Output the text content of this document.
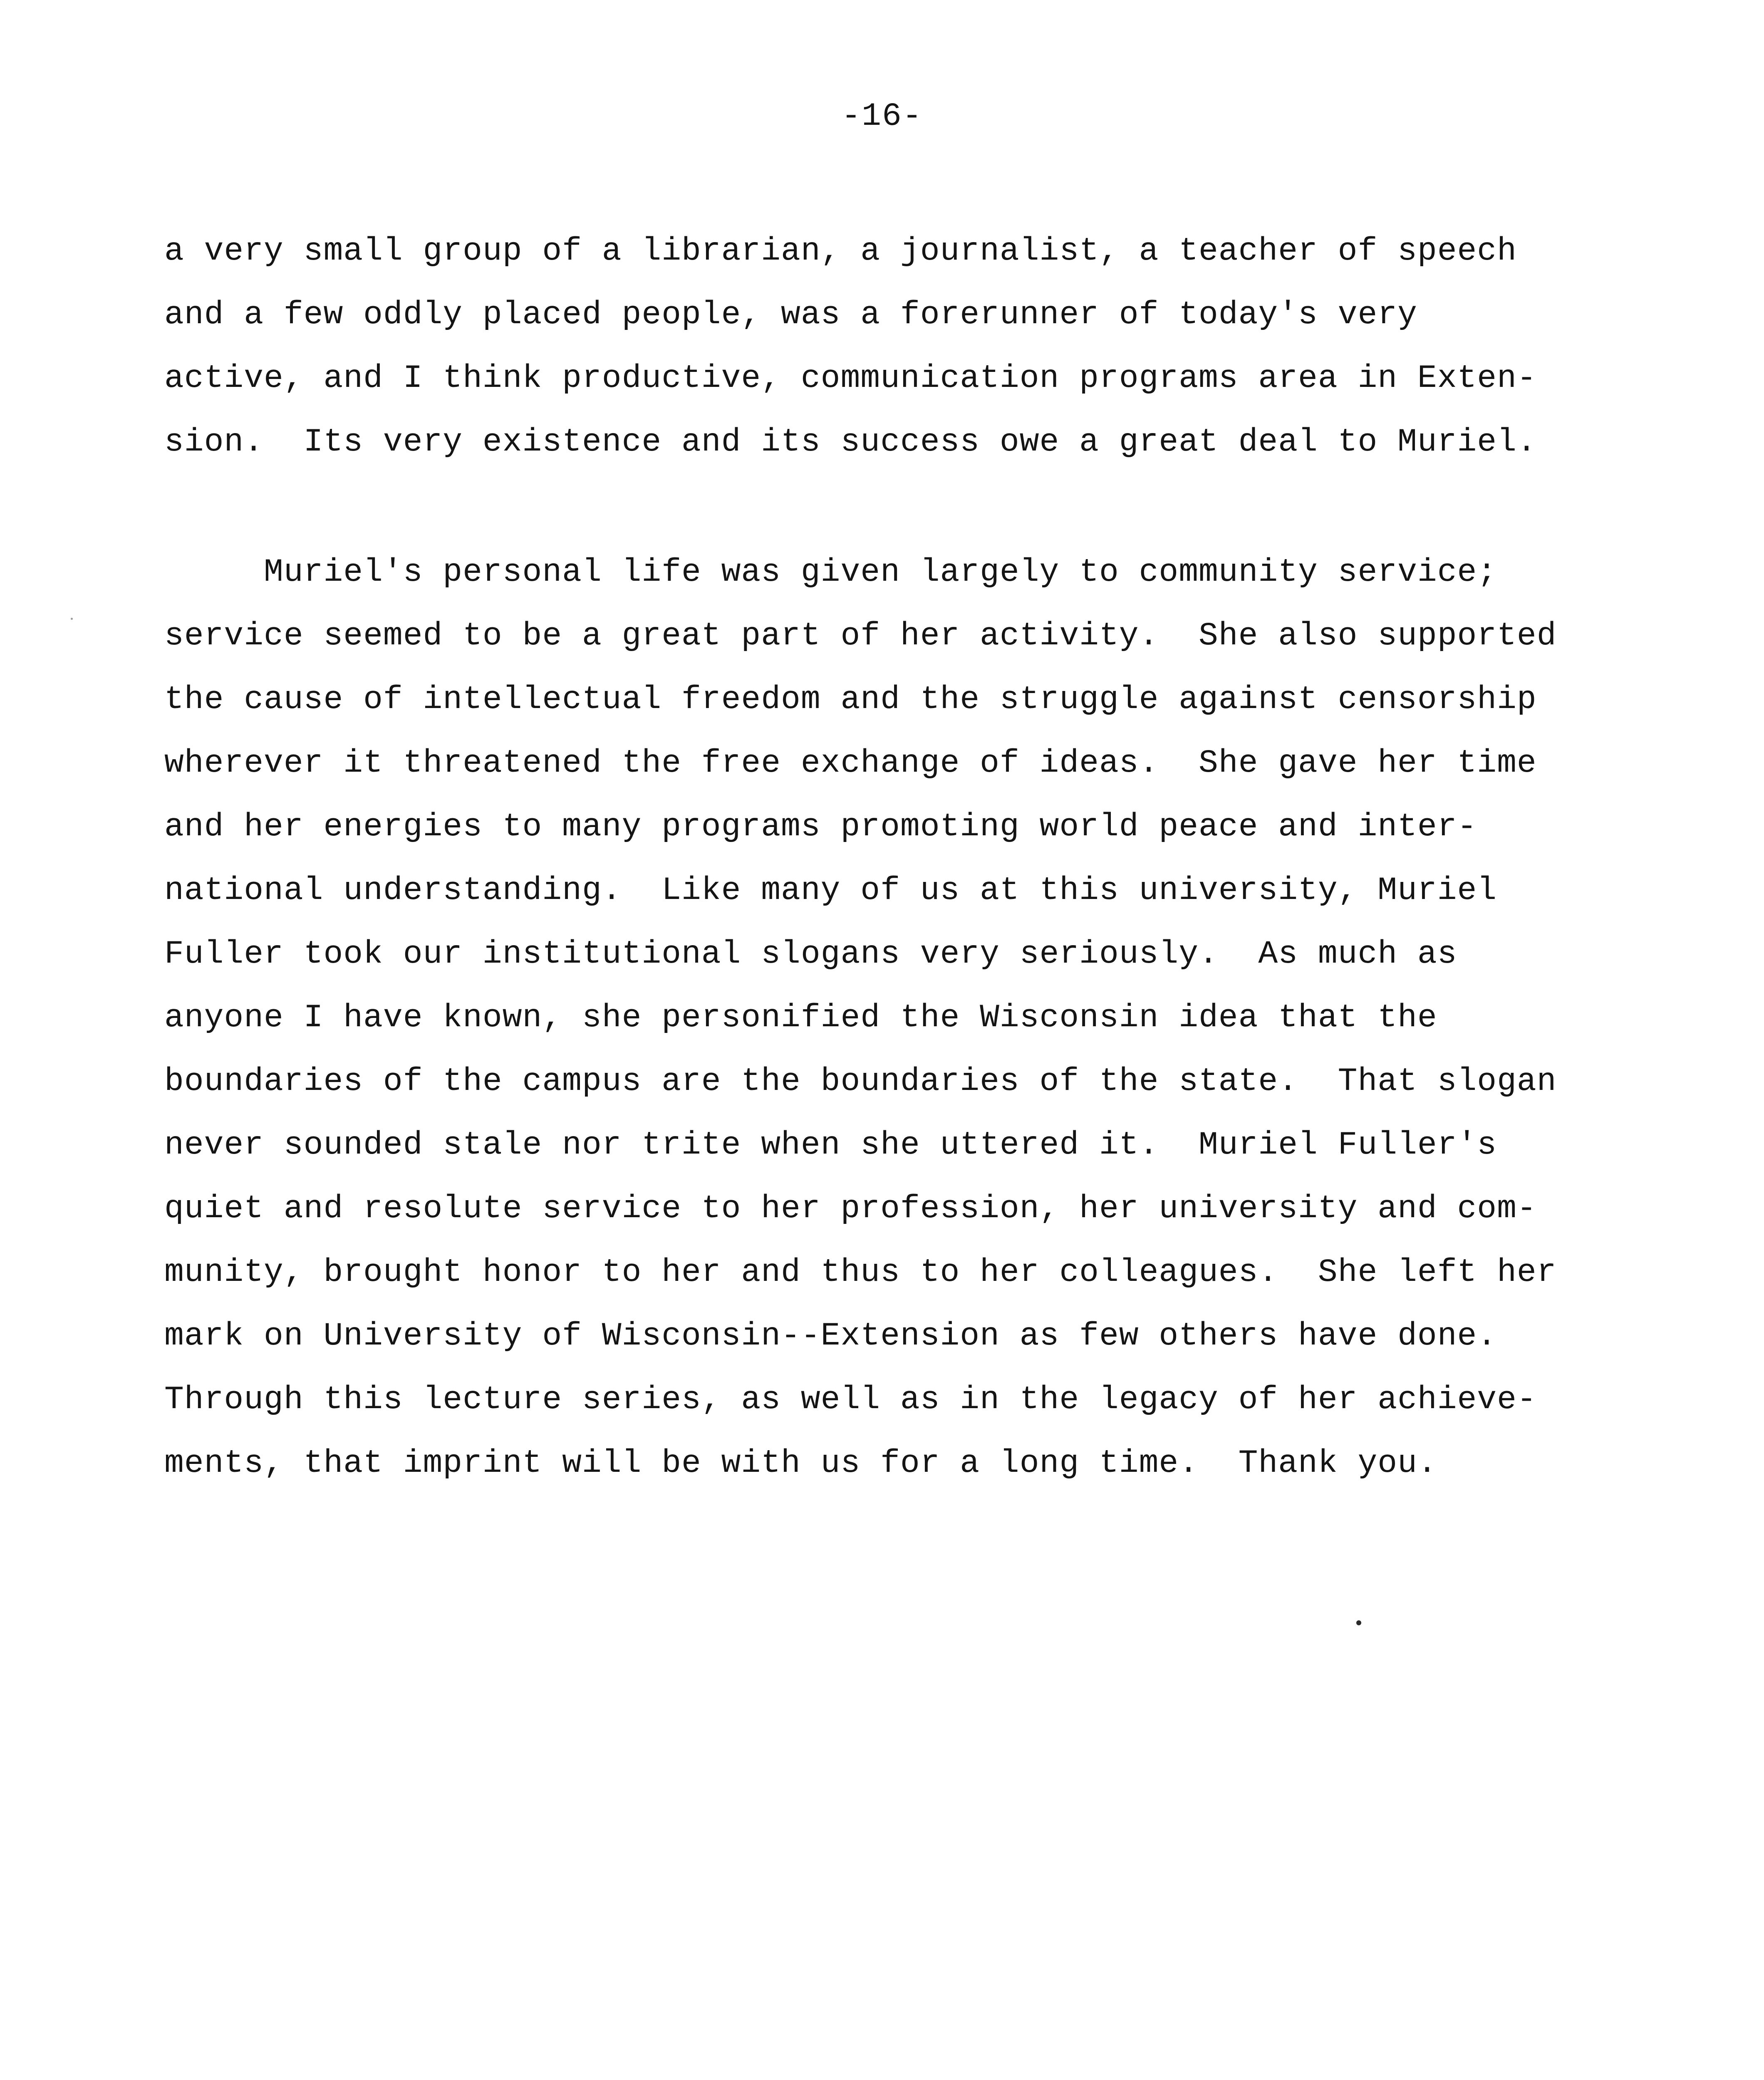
-16-
a very small group of a librarian, a journalist, a teacher of speech
and a few oddly placed people, was a forerunner of today's very
active, and I think productive, communication programs area in Exten-
sion.  Its very existence and its success owe a great deal to Muriel.
Muriel's personal life was given largely to community service;
service seemed to be a great part of her activity.  She also supported
the cause of intellectual freedom and the struggle against censorship
wherever it threatened the free exchange of ideas.  She gave her time
and her energies to many programs promoting world peace and inter-
national understanding.  Like many of us at this university, Muriel
Fuller took our institutional slogans very seriously.  As much as
anyone I have known, she personified the Wisconsin idea that the
boundaries of the campus are the boundaries of the state.  That slogan
never sounded stale nor trite when she uttered it.  Muriel Fuller's
quiet and resolute service to her profession, her university and com-
munity, brought honor to her and thus to her colleagues.  She left her
mark on University of Wisconsin--Extension as few others have done.
Through this lecture series, as well as in the legacy of her achieve-
ments, that imprint will be with us for a long time.  Thank you.
